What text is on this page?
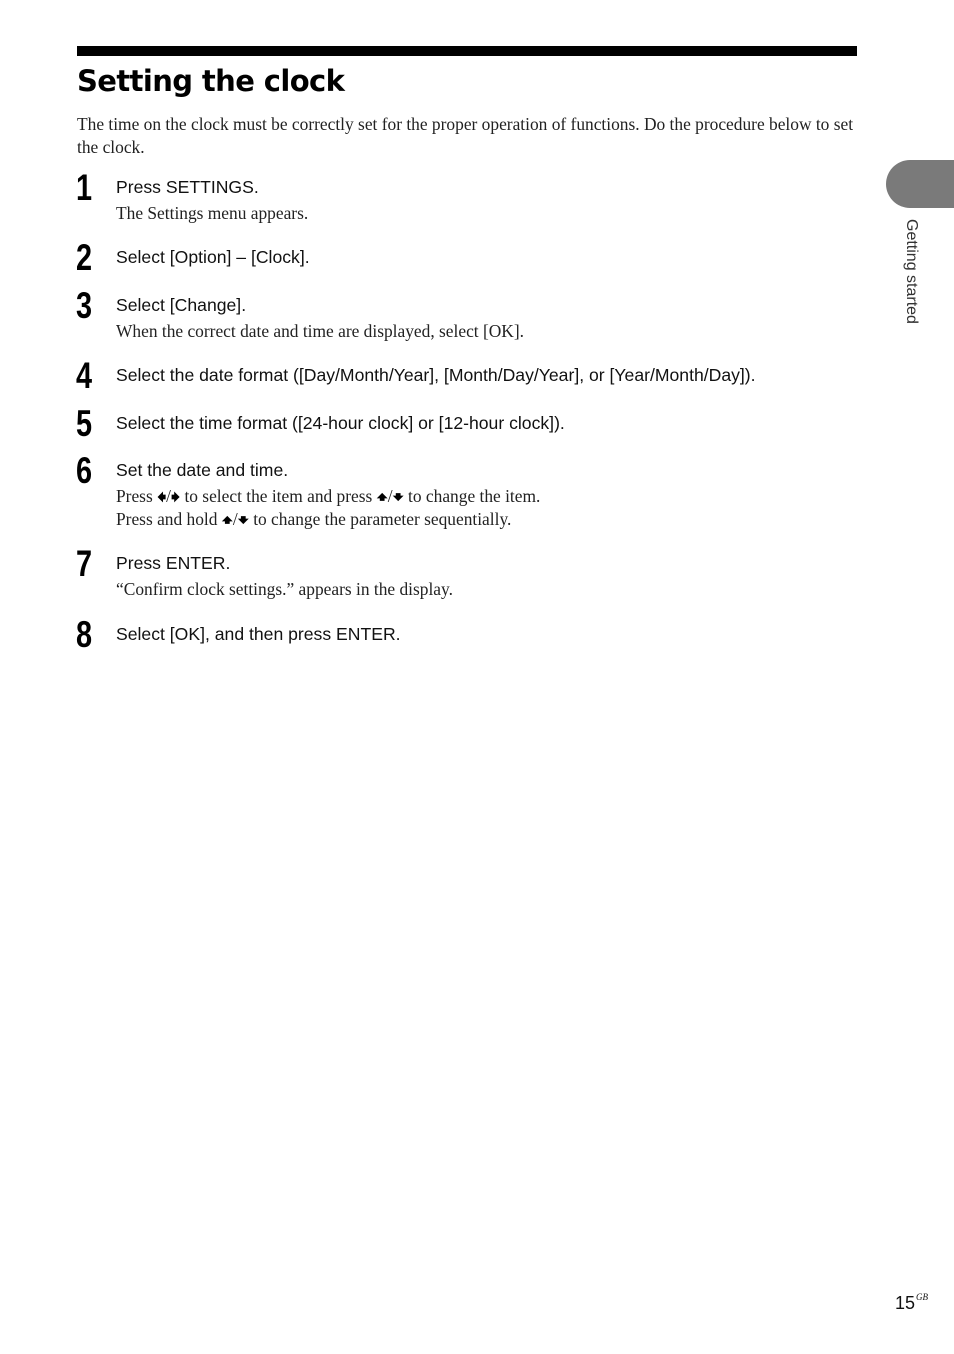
Setting the clock

The time on the clock must be correctly set for the proper operation of functions. Do the procedure below to set the clock.

Getting started
1	Press SETTINGS.
The Settings menu appears.
2	Select [Option] – [Clock].
3	Select [Change].
When the correct date and time are displayed, select [OK].
4	Select the date format ([Day/Month/Year], [Month/Day/Year], or [Year/Month/Day]).
5	Select the time format ([24-hour clock] or [12-hour clock]).
6	Set the date and time.
Press 🠸/🠺 to select the item and press 🠹/🠻 to change the item.
Press and hold 🠹/🠻 to change the parameter sequentially.
7	Press ENTER.
“Confirm clock settings.” appears in the display.
8	Select [OK], and then press ENTER.
$15^{GB}$
